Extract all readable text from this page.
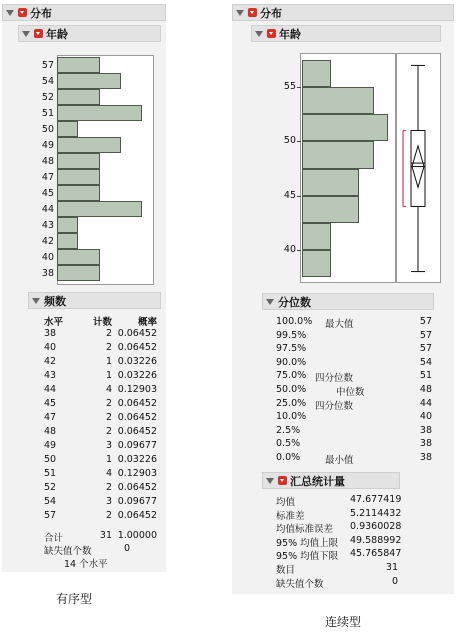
分布
年龄
57
54
52
51
50
49
48
47
45
44
43
42
40
38
频数
水平	计数	概率
38	2 0.06452
40	2 0.06452
42	1 0.03226
43	1 0.03226
44	4 0.12903
45	2 0.06452
47	2 0.06452
48	2 0.06452
49	3 0.09677
50	1 0.03226
51	4 0.12903
52	2 0.06452
54	3 0.09677
57	2 0.06452
合计	31 1.00000
缺失值个数	0
14 个水平
有序型
分布
年龄
40
45
50
55
分位数
100.0% 最大值	57
99.5%	57
97.5%	57
90.0%	54
75.0% 四分位数	51
50.0%	中位数	48
25.0% 四分位数	44
10.0%	40
2.5%	38
0.5%	38
0.0%	最小值	38
汇总统计量
均值	47.677419
标准差	5.2114432
均值标准误差 0.9360028
95% 均值上限 49.588992
95% 均值下限 45.765847
数目	31
缺失值个数	0
连续型
